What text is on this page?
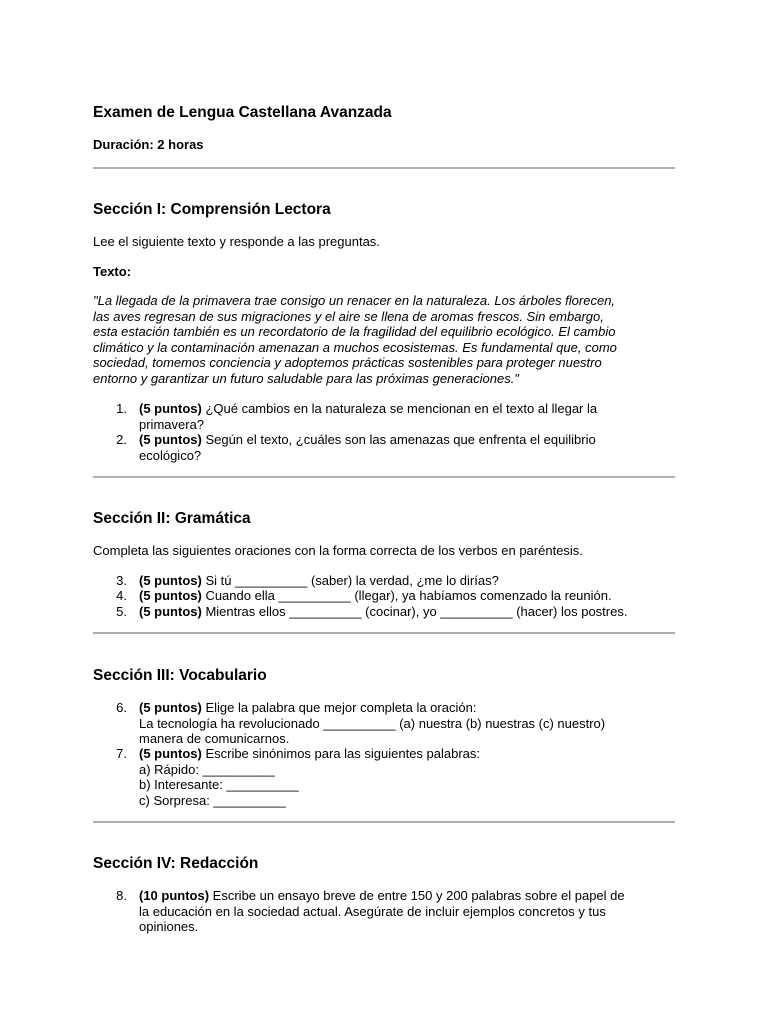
Examen de Lengua Castellana Avanzada
Duración: 2 horas
Sección I: Comprensión Lectora
Lee el siguiente texto y responde a las preguntas.
Texto:
"La llegada de la primavera trae consigo un renacer en la naturaleza. Los árboles florecen,
las aves regresan de sus migraciones y el aire se llena de aromas frescos. Sin embargo,
esta estación también es un recordatorio de la fragilidad del equilibrio ecológico. El cambio
climático y la contaminación amenazan a muchos ecosistemas. Es fundamental que, como
sociedad, tomemos conciencia y adoptemos prácticas sostenibles para proteger nuestro
entorno y garantizar un futuro saludable para las próximas generaciones."
1. (5 puntos) ¿Qué cambios en la naturaleza se mencionan en el texto al llegar la
primavera?
2. (5 puntos) Según el texto, ¿cuáles son las amenazas que enfrenta el equilibrio
ecológico?
Sección II: Gramática
Completa las siguientes oraciones con la forma correcta de los verbos en paréntesis.
3. (5 puntos) Si tú __________ (saber) la verdad, ¿me lo dirías?
4. (5 puntos) Cuando ella __________ (llegar), ya habíamos comenzado la reunión.
5. (5 puntos) Mientras ellos __________ (cocinar), yo __________ (hacer) los postres.
Sección III: Vocabulario
6. (5 puntos) Elige la palabra que mejor completa la oración:
La tecnología ha revolucionado __________ (a) nuestra (b) nuestras (c) nuestro)
manera de comunicarnos.
7. (5 puntos) Escribe sinónimos para las siguientes palabras:
a) Rápido: __________
b) Interesante: __________
c) Sorpresa: __________
Sección IV: Redacción
8. (10 puntos) Escribe un ensayo breve de entre 150 y 200 palabras sobre el papel de
la educación en la sociedad actual. Asegúrate de incluir ejemplos concretos y tus
opiniones.
